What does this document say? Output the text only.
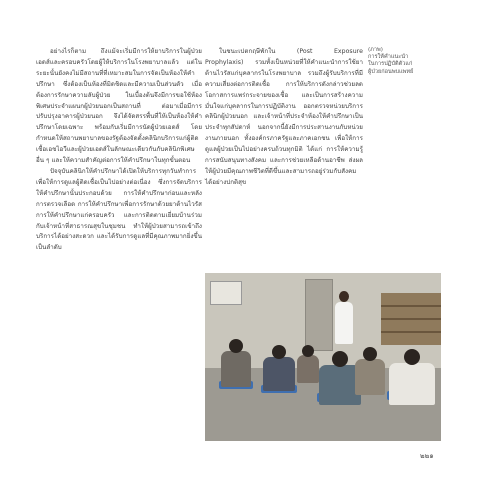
อย่างไรก็ตาม ถึงแม้จะเริ่มมีการให้ยาบริการในผู้ป่วยเอดส์และครอบครัวโดยผู้ให้บริการในโรงพยาบาลแล้ว แต่ในระยะนั้นยังคงไม่มีสถานที่ที่เหมาะสมในการจัดเป็นห้องให้คำปรึกษา ซึ่งต้องเป็นห้องที่มิดชิดและมีความเป็นส่วนตัว เมื่อต้องการรักษาความลับผู้ป่วย ในเบื้องต้นจึงมีการขอใช้ห้องพิเศษประจำแผนกผู้ป่วยนอกเป็นสถานที่ ต่อมาเมื่อมีการปรับปรุงอาคารผู้ป่วยนอก จึงได้จัดสรรพื้นที่ให้เป็นห้องให้คำปรึกษาโดยเฉพาะ พร้อมกับเริ่มมีการนัดผู้ป่วยเอดส์ โดยกำหนดให้สถานพยาบาลของรัฐต้องจัดตั้งคลินิกบริการแก่ผู้ติดเชื้อเอชไอวีและผู้ป่วยเอดส์ในลักษณะเดียวกันกับคลินิกพิเศษอื่น ๆ และให้ความสำคัญต่อการให้คำปรึกษาในทุกขั้นตอน

ปัจจุบันคลินิกให้คำปรึกษาได้เปิดให้บริการทุกวันทำการ เพื่อให้การดูแลผู้ติดเชื้อเป็นไปอย่างต่อเนื่อง ซึ่งการจัดบริการให้คำปรึกษานั้นประกอบด้วย การให้คำปรึกษาก่อนและหลังการตรวจเลือด การให้คำปรึกษาเพื่อการรักษาด้วยยาต้านไวรัส การให้คำปรึกษาแก่ครอบครัว และการติดตามเยี่ยมบ้านร่วมกับเจ้าหน้าที่สาธารณสุขในชุมชน ทำให้ผู้ป่วยสามารถเข้าถึงบริการได้อย่างสะดวก และได้รับการดูแลที่มีคุณภาพมากยิ่งขึ้นเป็นลำดับ

ในชนะเปตกฤษีพักใน (Post Exposure Prophylaxis) รวมทั้งเป็นหน่วยที่ให้คำแนะนำการใช้ยาต้านไวรัสแก่บุคลากรในโรงพยาบาล รวมถึงผู้รับบริการที่มีความเสี่ยงต่อการติดเชื้อ การให้บริการดังกล่าวช่วยลดโอกาสการแพร่กระจายของเชื้อ และเป็นการสร้างความมั่นใจแก่บุคลากรในการปฏิบัติงาน ออกตรวจหน่วยบริการคลินิกผู้ป่วยนอก และเจ้าหน้าที่ประจำห้องให้คำปรึกษาเป็นประจำทุกสัปดาห์ นอกจากนี้ยังมีการประสานงานกับหน่วยงานภายนอก ทั้งองค์กรภาครัฐและภาคเอกชน เพื่อให้การดูแลผู้ป่วยเป็นไปอย่างครบถ้วนทุกมิติ ได้แก่ การให้ความรู้ การสนับสนุนทางสังคม และการช่วยเหลือด้านอาชีพ ส่งผลให้ผู้ป่วยมีคุณภาพชีวิตที่ดีขึ้นและสามารถอยู่ร่วมกับสังคมได้อย่างปกติสุข

(ภาพ)
การให้คำแนะนำ
ในการปฏิบัติตัวแก่
ผู้ป่วยก่อนพบแพทย์
๒๒๑
